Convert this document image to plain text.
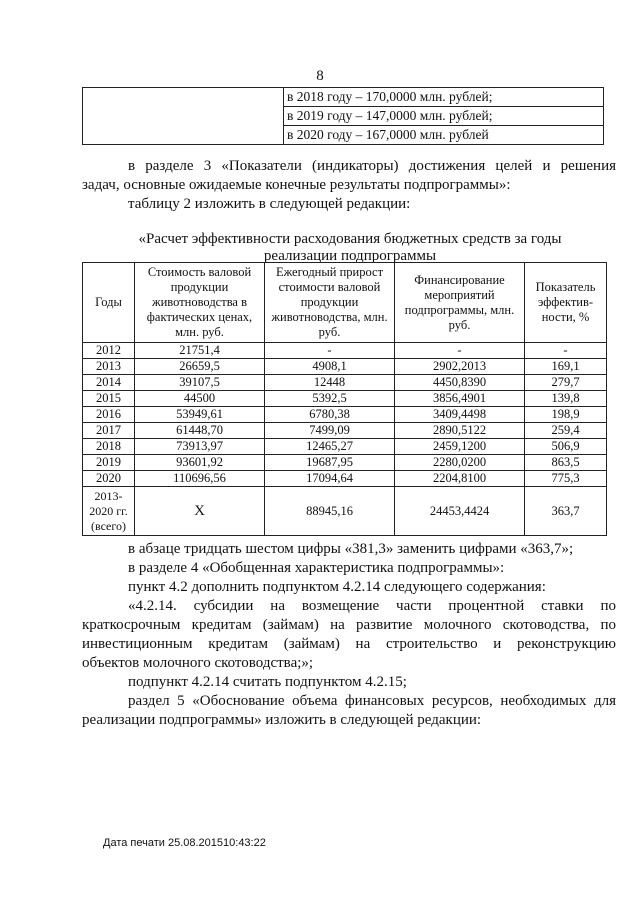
8

в 2018 году – 170,0000 млн. рублей;
в 2019 году – 147,0000 млн. рублей;
в 2020 году – 167,0000 млн. рублей
в разделе 3 «Показатели (индикаторы) достижения целей и решения
задач, основные ожидаемые конечные результаты подпрограммы»:
таблицу 2 изложить в следующей редакции:
«Расчет эффективности расходования бюджетных средств за годы
реализации подпрограммы
Годы	Стоимость валовой продукции животноводства в фактических ценах, млн. руб.	Ежегодный прирост стоимости валовой продукции животноводства, млн. руб.	Финансирование мероприятий подпрограммы, млн. руб.	Показатель эффектив-ности, %
2012	21751,4	-	-	-
2013	26659,5	4908,1	2902,2013	169,1
2014	39107,5	12448	4450,8390	279,7
2015	44500	5392,5	3856,4901	139,8
2016	53949,61	6780,38	3409,4498	198,9
2017	61448,70	7499,09	2890,5122	259,4
2018	73913,97	12465,27	2459,1200	506,9
2019	93601,92	19687,95	2280,0200	863,5
2020	110696,56	17094,64	2204,8100	775,3
2013-2020 гг. (всего)	Х	88945,16	24453,4424	363,7
в абзаце тридцать шестом цифры «381,3» заменить цифрами «363,7»;
в разделе 4 «Обобщенная характеристика подпрограммы»:
пункт 4.2 дополнить подпунктом 4.2.14 следующего содержания:
«4.2.14. субсидии на возмещение части процентной ставки по
краткосрочным кредитам (займам) на развитие молочного скотоводства, по
инвестиционным кредитам (займам) на строительство и реконструкцию
объектов молочного скотоводства;»;
подпункт 4.2.14 считать подпунктом 4.2.15;
раздел 5 «Обоснование объема финансовых ресурсов, необходимых для
реализации подпрограммы» изложить в следующей редакции:
Дата печати 25.08.201510:43:22
